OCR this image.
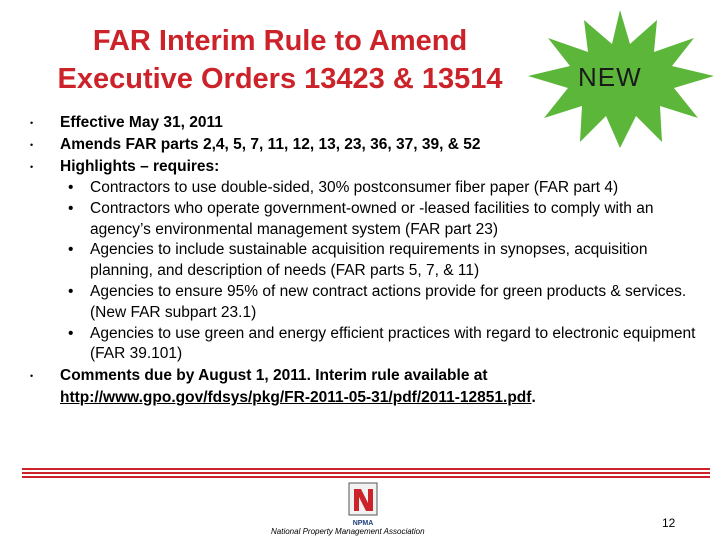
FAR Interim Rule to Amend
Executive Orders 13423 & 13514	NEW
• Effective May 31, 2011
• Amends FAR parts 2,4, 5, 7, 11, 12, 13, 23, 36, 37, 39, & 52
• Highlights – requires:
• Contractors to use double-sided, 30% postconsumer fiber paper (FAR part 4)
• Contractors who operate government-owned or -leased facilities to comply with an agency’s environmental management system (FAR part 23)
• Agencies to include sustainable acquisition requirements in synopses, acquisition planning, and description of needs (FAR parts 5, 7, & 11)
• Agencies to ensure 95% of new contract actions provide for green products & services. (New FAR subpart 23.1)
• Agencies to use green and energy efficient practices with regard to electronic equipment (FAR 39.101)
• Comments due by August 1, 2011. Interim rule available at
http://www.gpo.gov/fdsys/pkg/FR-2011-05-31/pdf/2011-12851.pdf.
NPMA
National Property Management Association
12
